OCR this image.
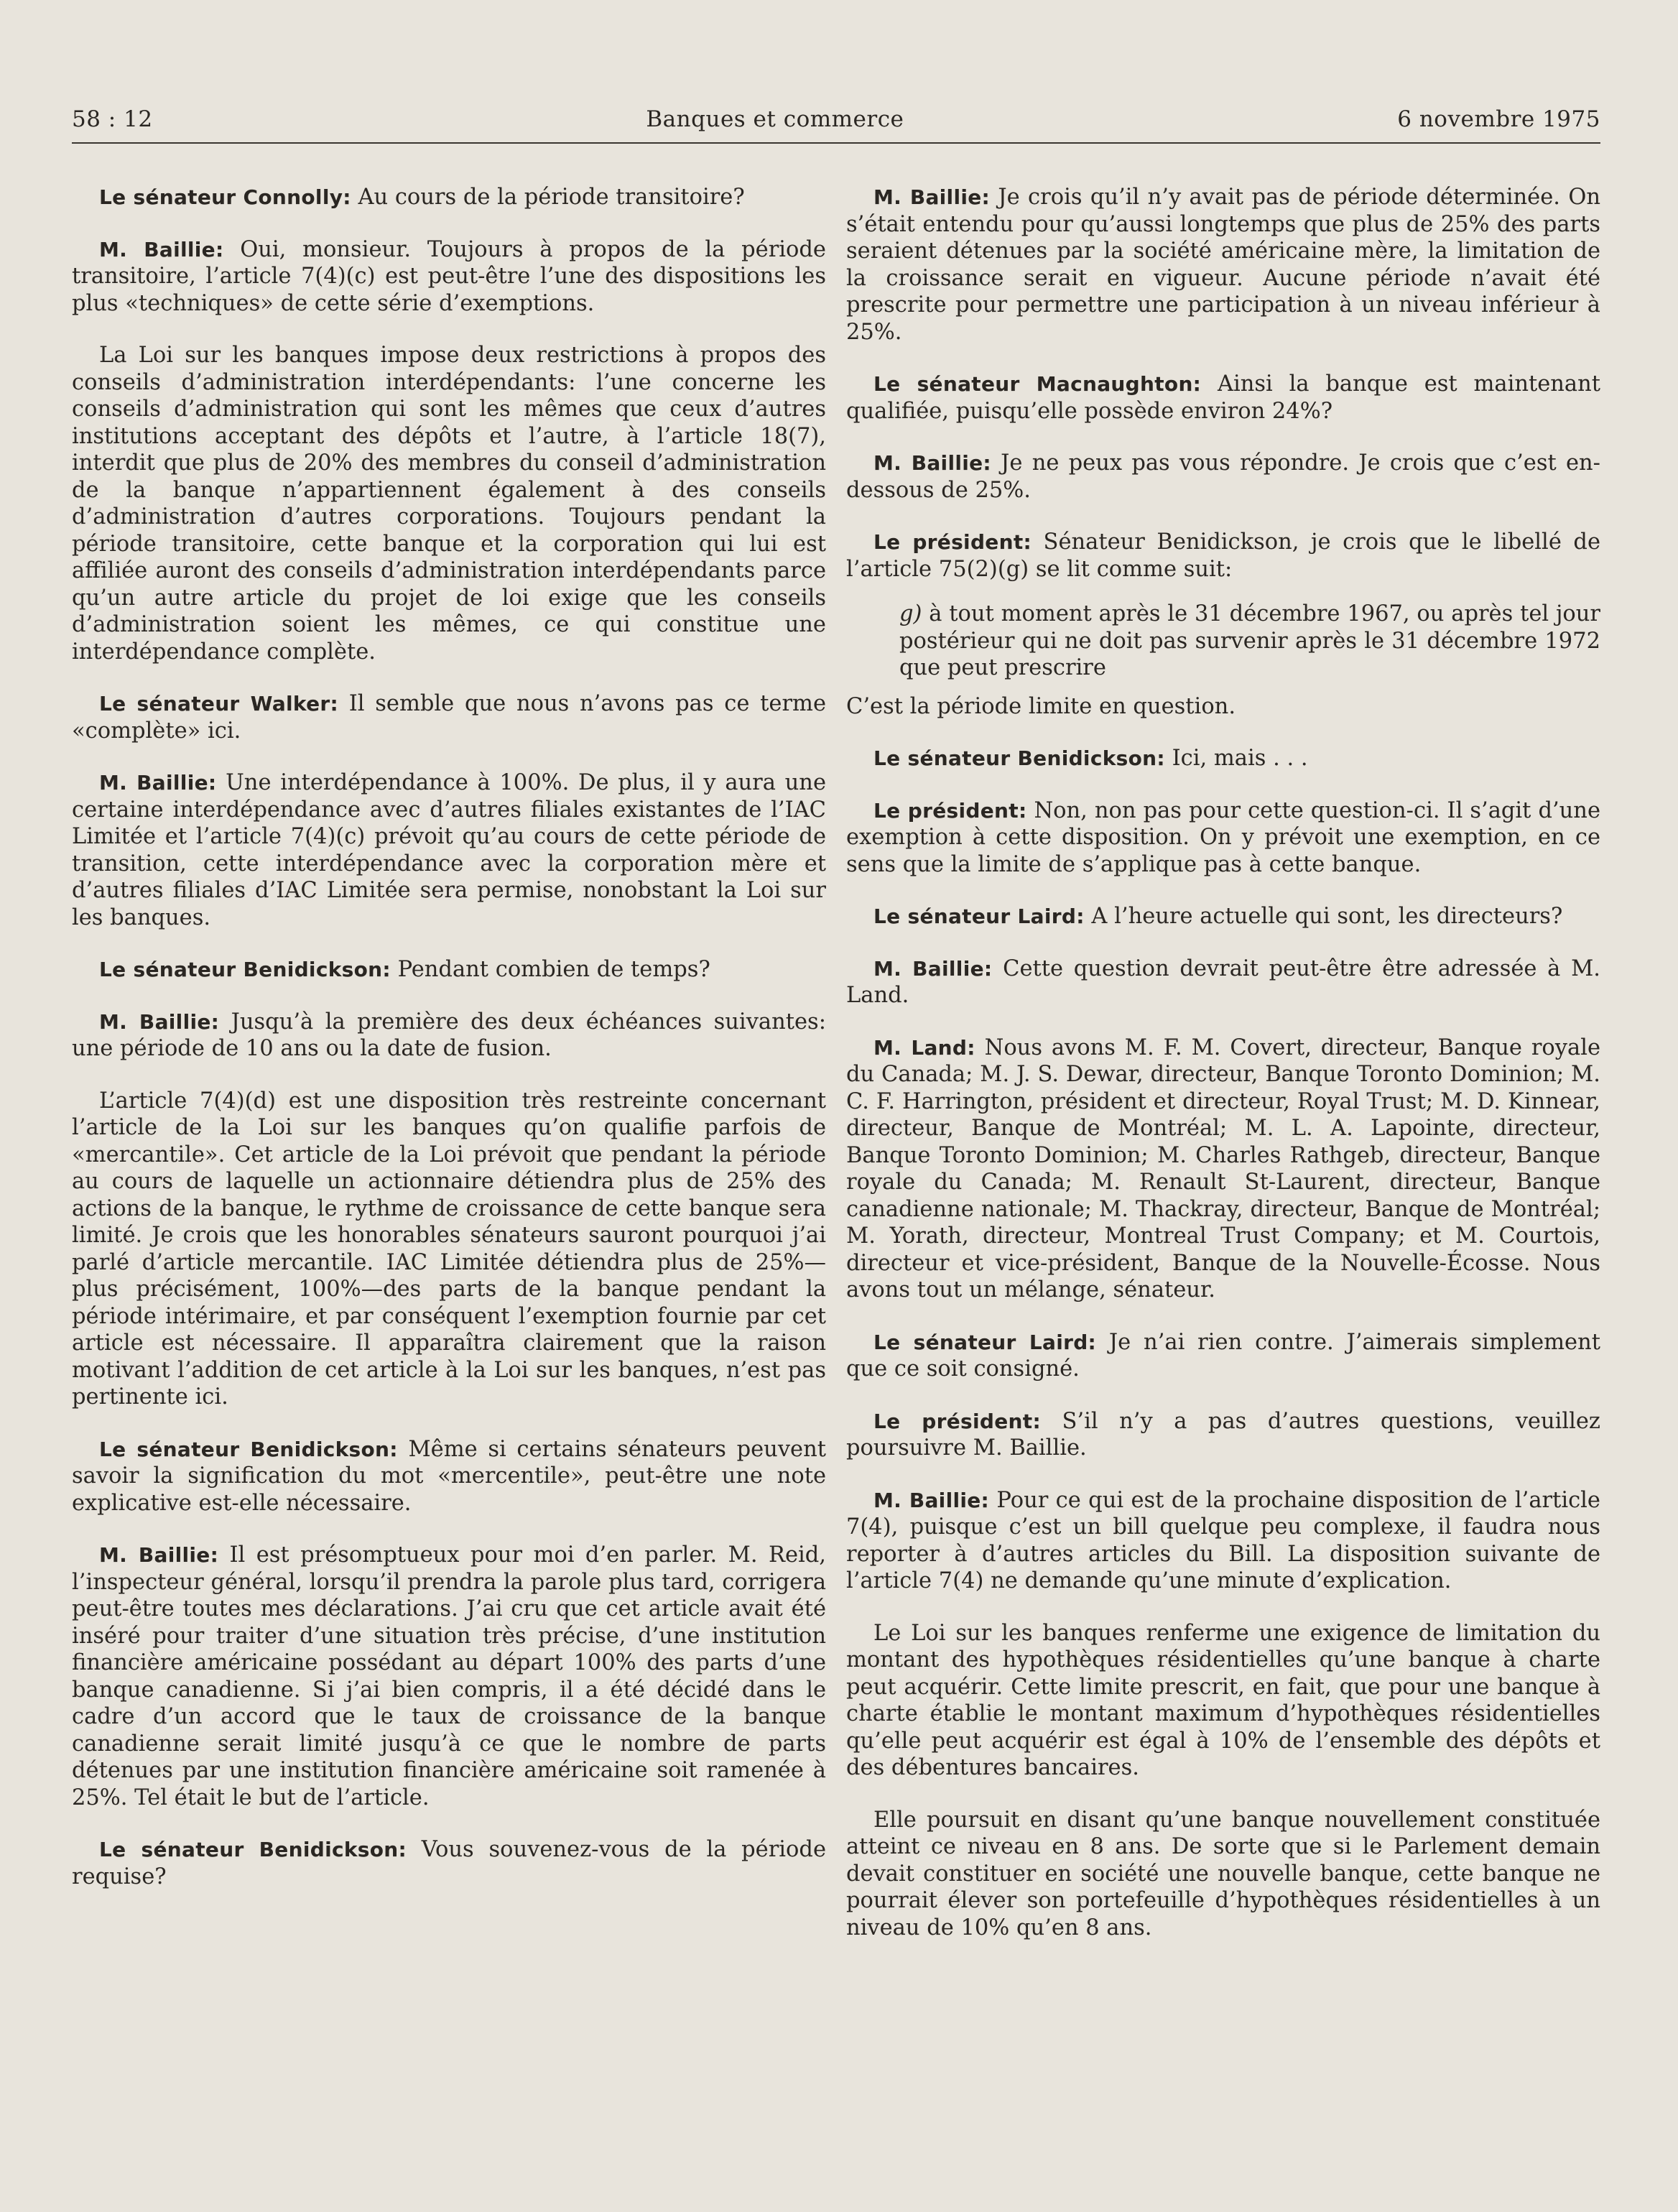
58 : 12	Banques et commerce	6 novembre 1975

Le sénateur Connolly: Au cours de la période transitoire?

M. Baillie: Oui, monsieur. Toujours à propos de la période transitoire, l’article 7(4)(c) est peut-être l’une des dispositions les plus «techniques» de cette série d’exemptions.

La Loi sur les banques impose deux restrictions à propos des conseils d’administration interdépendants: l’une concerne les conseils d’administration qui sont les mêmes que ceux d’autres institutions acceptant des dépôts et l’autre, à l’article 18(7), interdit que plus de 20% des membres du conseil d’administration de la banque n’appartiennent également à des conseils d’administration d’autres corporations. Toujours pendant la période transitoire, cette banque et la corporation qui lui est affiliée auront des conseils d’administration interdépendants parce qu’un autre article du projet de loi exige que les conseils d’administration soient les mêmes, ce qui constitue une interdépendance complète.

Le sénateur Walker: Il semble que nous n’avons pas ce terme «complète» ici.

M. Baillie: Une interdépendance à 100%. De plus, il y aura une certaine interdépendance avec d’autres filiales existantes de l’IAC Limitée et l’article 7(4)(c) prévoit qu’au cours de cette période de transition, cette interdépendance avec la corporation mère et d’autres filiales d’IAC Limitée sera permise, nonobstant la Loi sur les banques.

Le sénateur Benidickson: Pendant combien de temps?

M. Baillie: Jusqu’à la première des deux échéances suivantes: une période de 10 ans ou la date de fusion.

L’article 7(4)(d) est une disposition très restreinte concernant l’article de la Loi sur les banques qu’on qualifie parfois de «mercantile». Cet article de la Loi prévoit que pendant la période au cours de laquelle un actionnaire détiendra plus de 25% des actions de la banque, le rythme de croissance de cette banque sera limité. Je crois que les honorables sénateurs sauront pourquoi j’ai parlé d’article mercantile. IAC Limitée détiendra plus de 25%—plus précisément, 100%—des parts de la banque pendant la période intérimaire, et par conséquent l’exemption fournie par cet article est nécessaire. Il apparaîtra clairement que la raison motivant l’addition de cet article à la Loi sur les banques, n’est pas pertinente ici.

Le sénateur Benidickson: Même si certains sénateurs peuvent savoir la signification du mot «mercentile», peut-être une note explicative est-elle nécessaire.

M. Baillie: Il est présomptueux pour moi d’en parler. M. Reid, l’inspecteur général, lorsqu’il prendra la parole plus tard, corrigera peut-être toutes mes déclarations. J’ai cru que cet article avait été inséré pour traiter d’une situation très précise, d’une institution financière américaine possédant au départ 100% des parts d’une banque canadienne. Si j’ai bien compris, il a été décidé dans le cadre d’un accord que le taux de croissance de la banque canadienne serait limité jusqu’à ce que le nombre de parts détenues par une institution financière américaine soit ramenée à 25%. Tel était le but de l’article.

Le sénateur Benidickson: Vous souvenez-vous de la période requise?

M. Baillie: Je crois qu’il n’y avait pas de période déterminée. On s’était entendu pour qu’aussi longtemps que plus de 25% des parts seraient détenues par la société américaine mère, la limitation de la croissance serait en vigueur. Aucune période n’avait été prescrite pour permettre une participation à un niveau inférieur à 25%.

Le sénateur Macnaughton: Ainsi la banque est maintenant qualifiée, puisqu’elle possède environ 24%?

M. Baillie: Je ne peux pas vous répondre. Je crois que c’est en-dessous de 25%.

Le président: Sénateur Benidickson, je crois que le libellé de l’article 75(2)(g) se lit comme suit:

g) à tout moment après le 31 décembre 1967, ou après tel jour postérieur qui ne doit pas survenir après le 31 décembre 1972 que peut prescrire

C’est la période limite en question.

Le sénateur Benidickson: Ici, mais . . .

Le président: Non, non pas pour cette question-ci. Il s’agit d’une exemption à cette disposition. On y prévoit une exemption, en ce sens que la limite de s’applique pas à cette banque.

Le sénateur Laird: A l’heure actuelle qui sont, les directeurs?

M. Baillie: Cette question devrait peut-être être adressée à M. Land.

M. Land: Nous avons M. F. M. Covert, directeur, Banque royale du Canada; M. J. S. Dewar, directeur, Banque Toronto Dominion; M. C. F. Harrington, président et directeur, Royal Trust; M. D. Kinnear, directeur, Banque de Montréal; M. L. A. Lapointe, directeur, Banque Toronto Dominion; M. Charles Rathgeb, directeur, Banque royale du Canada; M. Renault St-Laurent, directeur, Banque canadienne nationale; M. Thackray, directeur, Banque de Montréal; M. Yorath, directeur, Montreal Trust Company; et M. Courtois, directeur et vice-président, Banque de la Nouvelle-Écosse. Nous avons tout un mélange, sénateur.

Le sénateur Laird: Je n’ai rien contre. J’aimerais simplement que ce soit consigné.

Le président: S’il n’y a pas d’autres questions, veuillez poursuivre M. Baillie.

M. Baillie: Pour ce qui est de la prochaine disposition de l’article 7(4), puisque c’est un bill quelque peu complexe, il faudra nous reporter à d’autres articles du Bill. La disposition suivante de l’article 7(4) ne demande qu’une minute d’explication.

Le Loi sur les banques renferme une exigence de limitation du montant des hypothèques résidentielles qu’une banque à charte peut acquérir. Cette limite prescrit, en fait, que pour une banque à charte établie le montant maximum d’hypothèques résidentielles qu’elle peut acquérir est égal à 10% de l’ensemble des dépôts et des débentures bancaires.

Elle poursuit en disant qu’une banque nouvellement constituée atteint ce niveau en 8 ans. De sorte que si le Parlement demain devait constituer en société une nouvelle banque, cette banque ne pourrait élever son portefeuille d’hypothèques résidentielles à un niveau de 10% qu’en 8 ans.
